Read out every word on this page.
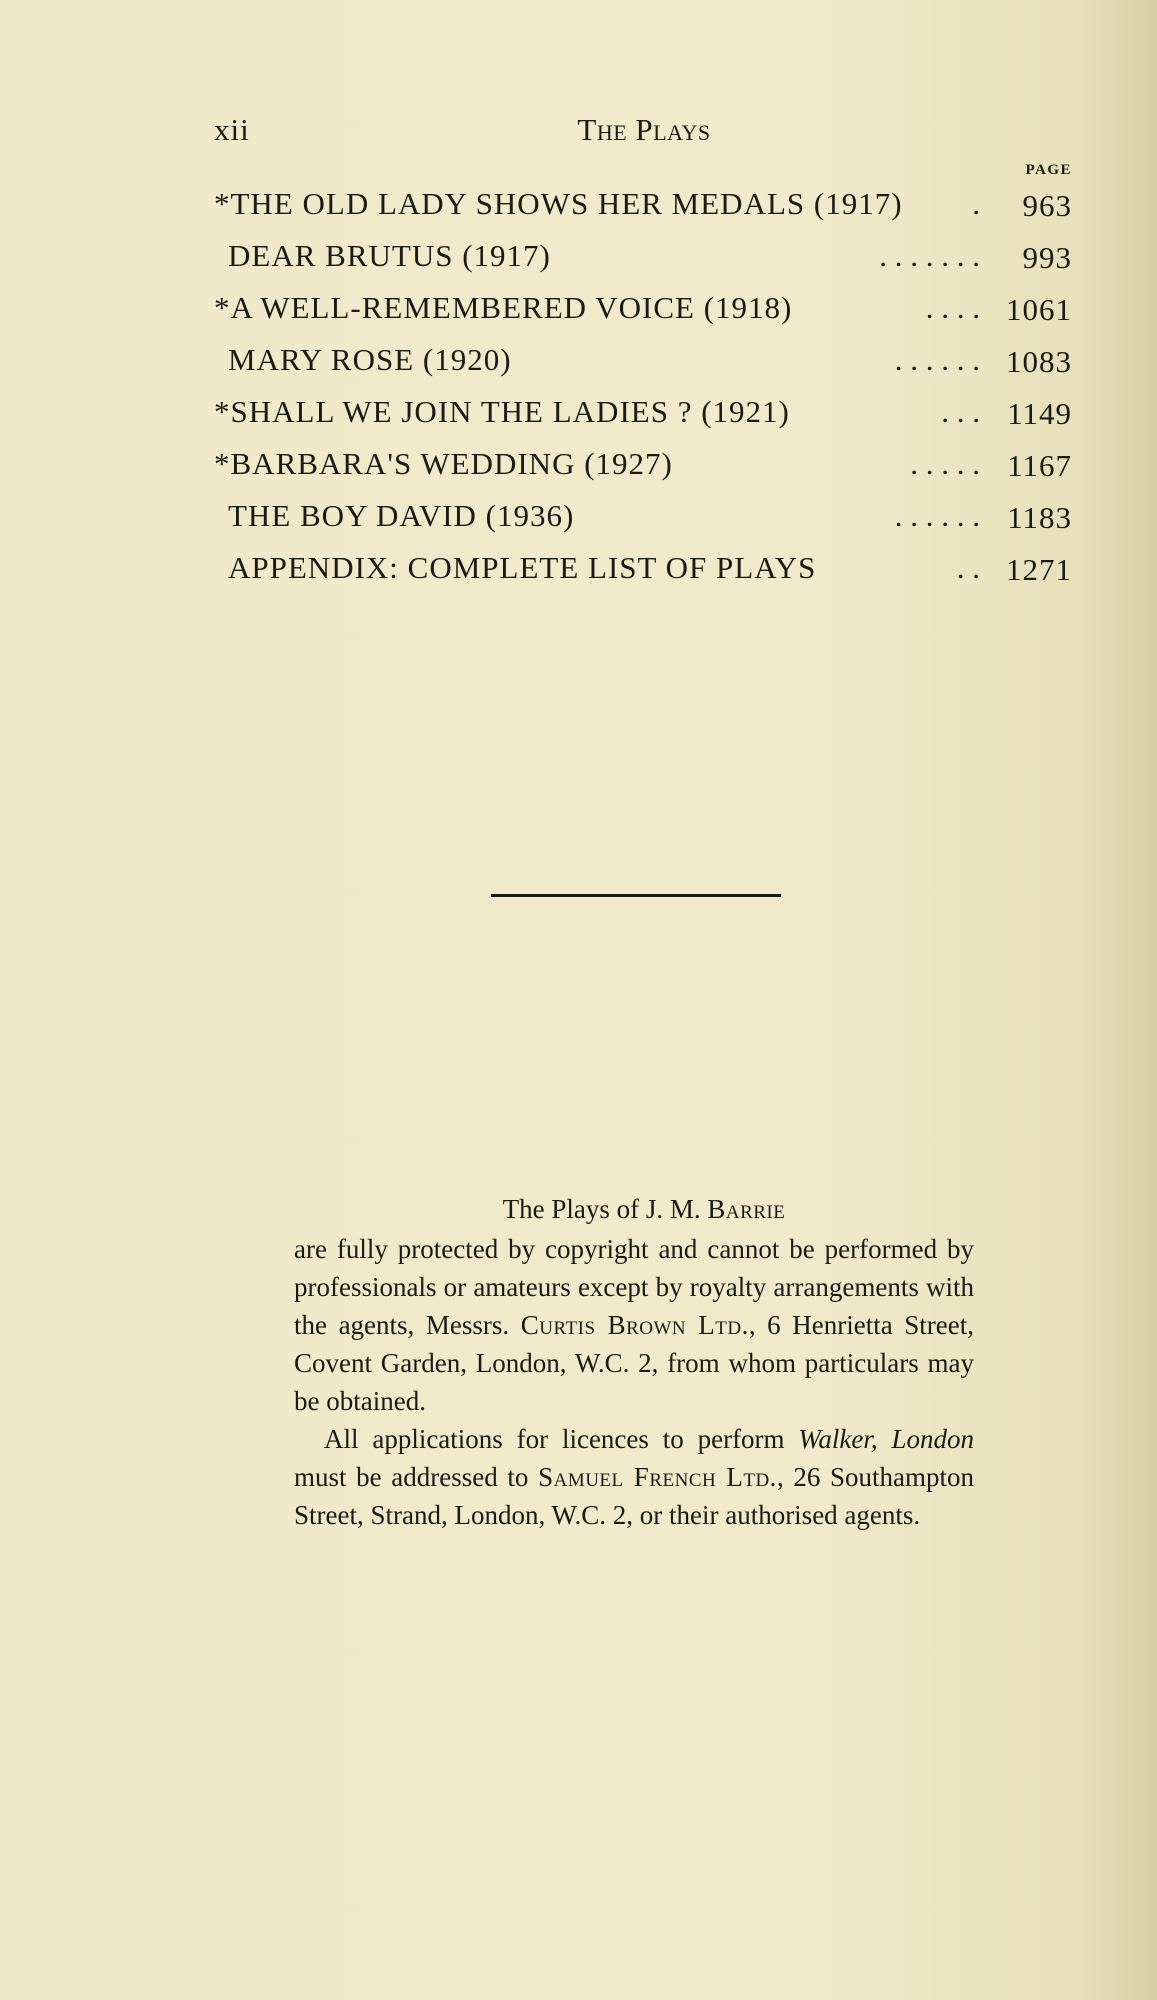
xii	The Plays
PAGE
*THE OLD LADY SHOWS HER MEDALS (1917) . 963
DEAR BRUTUS (1917)	. . . . . . . 993
*A WELL-REMEMBERED VOICE (1918)	. . . . 1061
MARY ROSE (1920)	. . . . . . 1083
*SHALL WE JOIN THE LADIES ? (1921)	. . . 1149
*BARBARA'S WEDDING (1927)	. . . . . 1167
THE BOY DAVID (1936)	. . . . . . 1183
APPENDIX: COMPLETE LIST OF PLAYS	. . 1271
The Plays of J. M. Barrie

are fully protected by copyright and cannot be performed by professionals or amateurs except by royalty arrangements with the agents, Messrs. Curtis Brown Ltd., 6 Henrietta Street, Covent Garden, London, W.C. 2, from whom particulars may be obtained.

All applications for licences to perform Walker, London must be addressed to Samuel French Ltd., 26 Southampton Street, Strand, London, W.C. 2, or their authorised agents.
